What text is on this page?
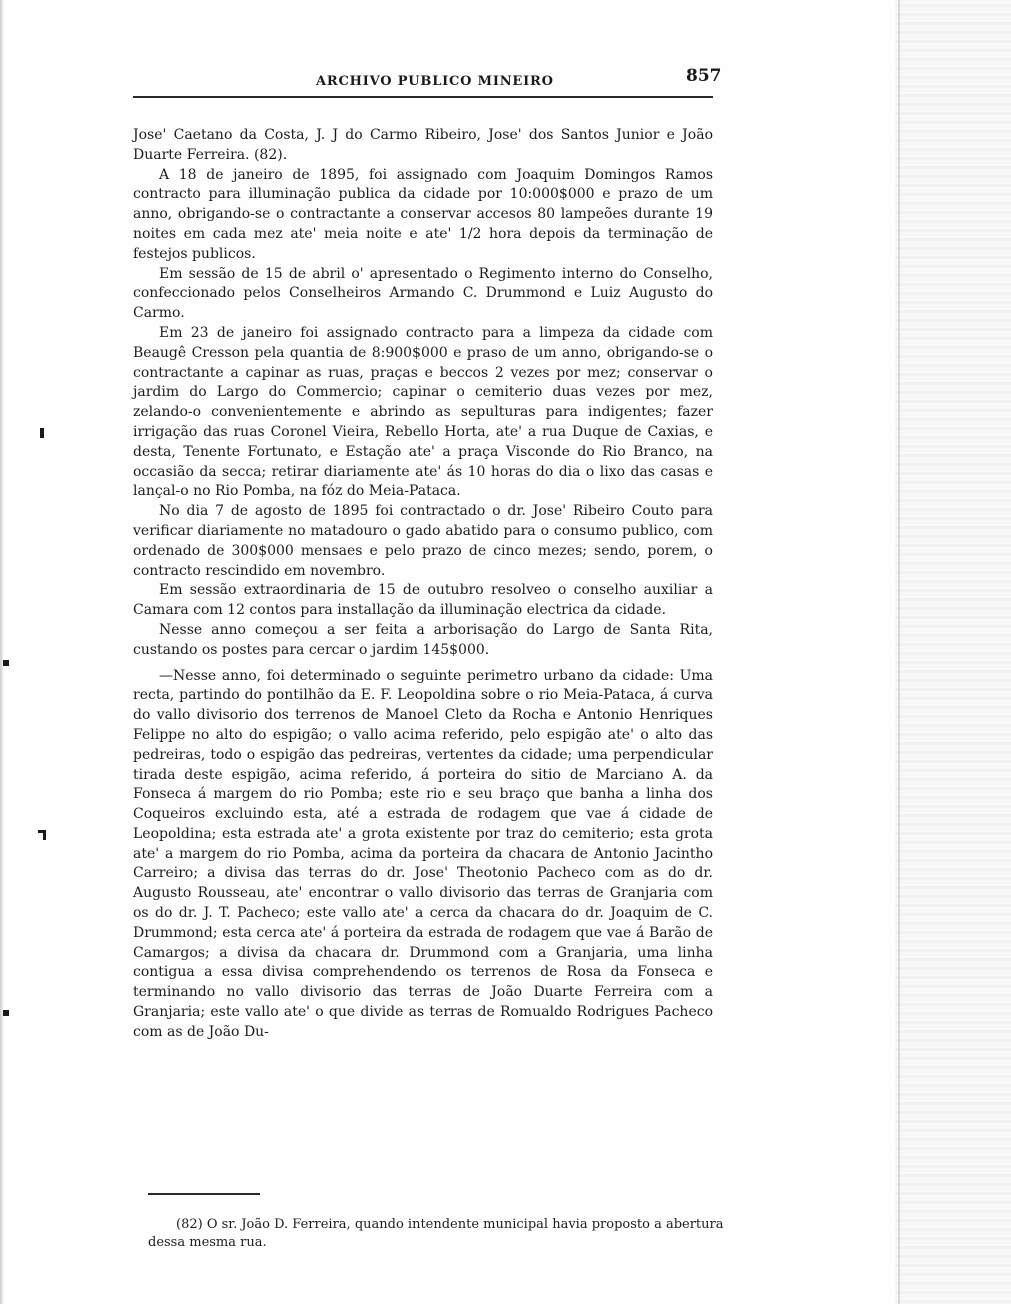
ARCHIVO PUBLICO MINEIRO	857

Jose' Caetano da Costa, J. J do Carmo Ribeiro, Jose' dos Santos Junior e João Duarte Ferreira. (82).

A 18 de janeiro de 1895, foi assignado com Joaquim Domingos Ramos contracto para illuminação publica da cidade por 10:000$000 e prazo de um anno, obrigando-se o contractante a conservar accesos 80 lampeões durante 19 noites em cada mez ate' meia noite e ate' 1/2 hora depois da terminação de festejos publicos.

Em sessão de 15 de abril o' apresentado o Regimento interno do Conselho, confeccionado pelos Conselheiros Armando C. Drummond e Luiz Augusto do Carmo.

Em 23 de janeiro foi assignado contracto para a limpeza da cidade com Beaugê Cresson pela quantia de 8:900$000 e praso de um anno, obrigando-se o contractante a capinar as ruas, praças e beccos 2 vezes por mez; conservar o jardim do Largo do Commercio; capinar o cemiterio duas vezes por mez, zelando-o convenientemente e abrindo as sepulturas para indigentes; fazer irrigação das ruas Coronel Vieira, Rebello Horta, ate' a rua Duque de Caxias, e desta, Tenente Fortunato, e Estação ate' a praça Visconde do Rio Branco, na occasião da secca; retirar diariamente ate' ás 10 horas do dia o lixo das casas e lançal-o no Rio Pomba, na fóz do Meia-Pataca.

No dia 7 de agosto de 1895 foi contractado o dr. Jose' Ribeiro Couto para verificar diariamente no matadouro o gado abatido para o consumo publico, com ordenado de 300$000 mensaes e pelo prazo de cinco mezes; sendo, porem, o contracto rescindido em novembro.

Em sessão extraordinaria de 15 de outubro resolveo o conselho auxiliar a Camara com 12 contos para installação da illuminação electrica da cidade.

Nesse anno começou a ser feita a arborisação do Largo de Santa Rita, custando os postes para cercar o jardim 145$000.

—Nesse anno, foi determinado o seguinte perimetro urbano da cidade: Uma recta, partindo do pontilhão da E. F. Leopoldina sobre o rio Meia-Pataca, á curva do vallo divisorio dos terrenos de Manoel Cleto da Rocha e Antonio Henriques Felippe no alto do espigão; o vallo acima referido, pelo espigão ate' o alto das pedreiras, todo o espigão das pedreiras, vertentes da cidade; uma perpendicular tirada deste espigão, acima referido, á porteira do sitio de Marciano A. da Fonseca á margem do rio Pomba; este rio e seu braço que banha a linha dos Coqueiros excluindo esta, até a estrada de rodagem que vae á cidade de Leopoldina; esta estrada ate' a grota existente por traz do cemiterio; esta grota ate' a margem do rio Pomba, acima da porteira da chacara de Antonio Jacintho Carreiro; a divisa das terras do dr. Jose' Theotonio Pacheco com as do dr. Augusto Rousseau, ate' encontrar o vallo divisorio das terras de Granjaria com os do dr. J. T. Pacheco; este vallo ate' a cerca da chacara do dr. Joaquim de C. Drummond; esta cerca ate' á porteira da estrada de rodagem que vae á Barão de Camargos; a divisa da chacara dr. Drummond com a Granjaria, uma linha contigua a essa divisa comprehendendo os terrenos de Rosa da Fonseca e terminando no vallo divisorio das terras de João Duarte Ferreira com a Granjaria; este vallo ate' o que divide as terras de Romualdo Rodrigues Pacheco com as de João Du-

(82) O sr. João D. Ferreira, quando intendente municipal havia proposto a abertura dessa mesma rua.
